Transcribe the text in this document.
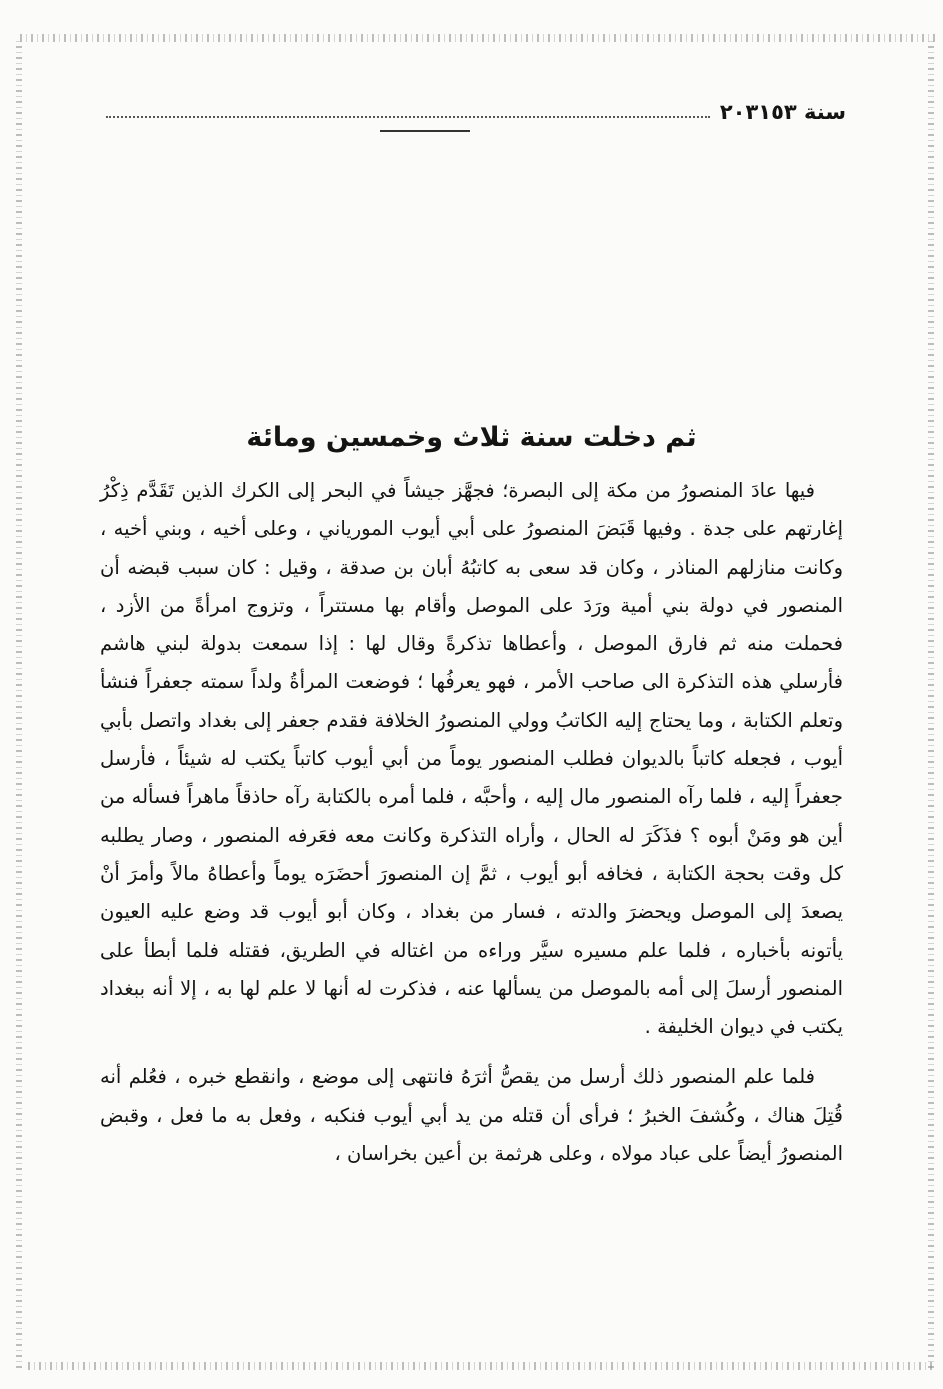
سنة ١٥٣
٢٠٣
ثم دخلت سنة ثلاث وخمسين ومائة

فيها عادَ المنصورُ من مكة إلى البصرة؛ فجهَّز جيشاً في البحر إلى الكرك الذين تَقَدَّم ذِكْرُ إغارتهم على جدة . وفيها قَبَضَ المنصورُ على أبي أيوب المورياني ، وعلى أخيه ، وبني أخيه ، وكانت منازلهم المناذر ، وكان قد سعى به كاتبُهُ أبان بن صدقة ، وقيل : كان سبب قبضه أن المنصور في دولة بني أمية ورَدَ على الموصل وأقام بها مستتراً ، وتزوج امرأةً من الأزد ، فحملت منه ثم فارق الموصل ، وأعطاها تذكرةً وقال لها : إذا سمعت بدولة لبني هاشم فأرسلي هذه التذكرة الى صاحب الأمر ، فهو يعرفُها ؛ فوضعت المرأةُ ولداً سمته جعفراً فنشأ وتعلم الكتابة ، وما يحتاج إليه الكاتبُ وولي المنصورُ الخلافة فقدم جعفر إلى بغداد واتصل بأبي أيوب ، فجعله كاتباً بالديوان فطلب المنصور يوماً من أبي أيوب كاتباً يكتب له شيئاً ، فأرسل جعفراً إليه ، فلما رآه المنصور مال إليه ، وأحبَّه ، فلما أمره بالكتابة رآه حاذقاً ماهراً فسأله من أين هو ومَنْ أبوه ؟ فذَكَرَ له الحال ، وأراه التذكرة وكانت معه فعَرفه المنصور ، وصار يطلبه كل وقت بحجة الكتابة ، فخافه أبو أيوب ، ثمَّ إن المنصورَ أحضَرَه يوماً وأعطاهُ مالاً وأمرَ أنْ يصعدَ إلى الموصل ويحضرَ والدته ، فسار من بغداد ، وكان أبو أيوب قد وضع عليه العيون يأتونه بأخباره ، فلما علم مسيره سيَّر وراءه من اغتاله في الطريق، فقتله فلما أبطأ على المنصور أرسلَ إلى أمه بالموصل من يسألها عنه ، فذكرت له أنها لا علم لها به ، إلا أنه ببغداد يكتب في ديوان الخليفة .

فلما علم المنصور ذلك أرسل من يقصُّ أثرَهُ فانتهى إلى موضع ، وانقطع خبره ، فعُلم أنه قُتِلَ هناك ، وكُشفَ الخبرُ ؛ فرأى أن قتله من يد أبي أيوب فنكبه ، وفعل به ما فعل ، وقبض المنصورُ أيضاً على عباد مولاه ، وعلى هرثمة بن أعين بخراسان ،
